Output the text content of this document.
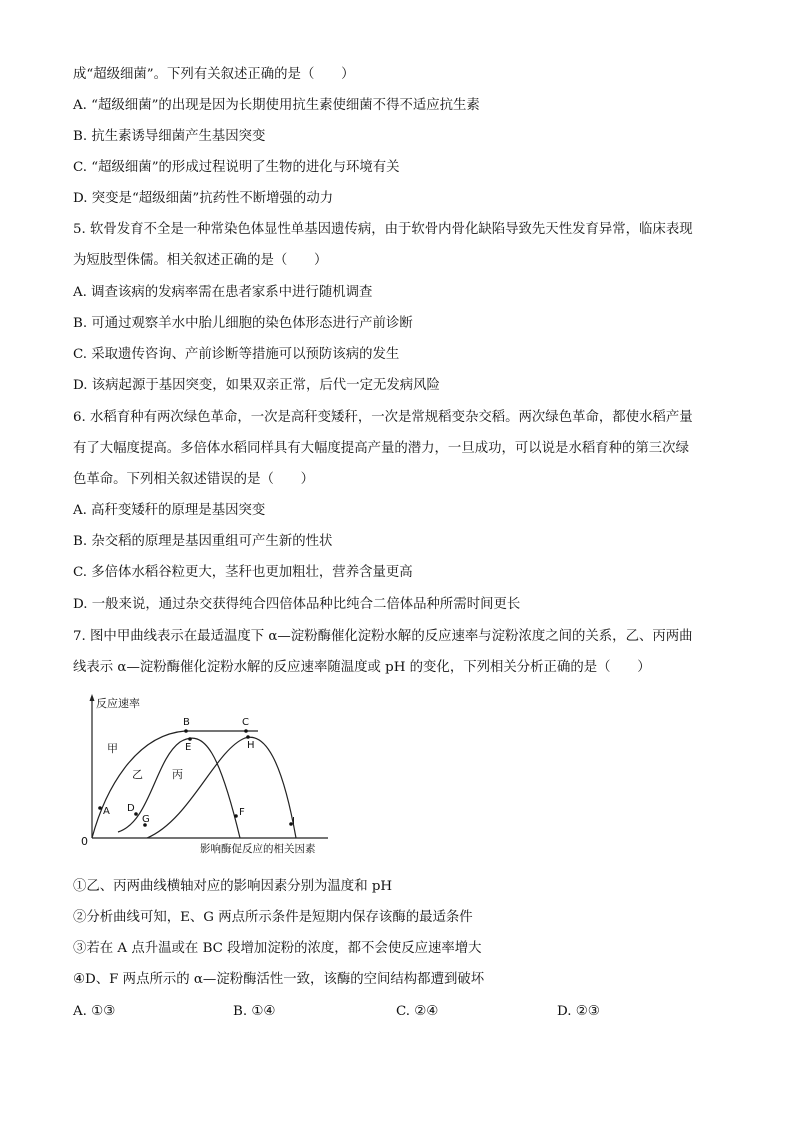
成“超级细菌”。下列有关叙述正确的是（　　）
A. “超级细菌”的出现是因为长期使用抗生素使细菌不得不适应抗生素
B. 抗生素诱导细菌产生基因突变
C. “超级细菌”的形成过程说明了生物的进化与环境有关
D. 突变是“超级细菌”抗药性不断增强的动力
5. 软骨发育不全是一种常染色体显性单基因遗传病，由于软骨内骨化缺陷导致先天性发育异常，临床表现
为短肢型侏儒。相关叙述正确的是（　　）
A. 调查该病的发病率需在患者家系中进行随机调查
B. 可通过观察羊水中胎儿细胞的染色体形态进行产前诊断
C. 采取遗传咨询、产前诊断等措施可以预防该病的发生
D. 该病起源于基因突变，如果双亲正常，后代一定无发病风险
6. 水稻育种有两次绿色革命，一次是高秆变矮秆，一次是常规稻变杂交稻。两次绿色革命，都使水稻产量
有了大幅度提高。多倍体水稻同样具有大幅度提高产量的潜力，一旦成功，可以说是水稻育种的第三次绿
色革命。下列相关叙述错误的是（　　）
A. 高秆变矮秆的原理是基因突变
B. 杂交稻的原理是基因重组可产生新的性状
C. 多倍体水稻谷粒更大，茎秆也更加粗壮，营养含量更高
D. 一般来说，通过杂交获得纯合四倍体品种比纯合二倍体品种所需时间更长
7. 图中甲曲线表示在最适温度下 α—淀粉酶催化淀粉水解的反应速率与淀粉浓度之间的关系，乙、丙两曲
线表示 α—淀粉酶催化淀粉水解的反应速率随温度或 pH 的变化，下列相关分析正确的是（　　）
反应速率
影响酶促反应的相关因素
0
甲
乙	丙
A
B	C
D
E
F
G
H
I
①乙、丙两曲线横轴对应的影响因素分别为温度和 pH
②分析曲线可知，E、G 两点所示条件是短期内保存该酶的最适条件
③若在 A 点升温或在 BC 段增加淀粉的浓度，都不会使反应速率增大
④D、F 两点所示的 α—淀粉酶活性一致，该酶的空间结构都遭到破坏
A. ①③	B. ①④	C. ②④	D. ②③
